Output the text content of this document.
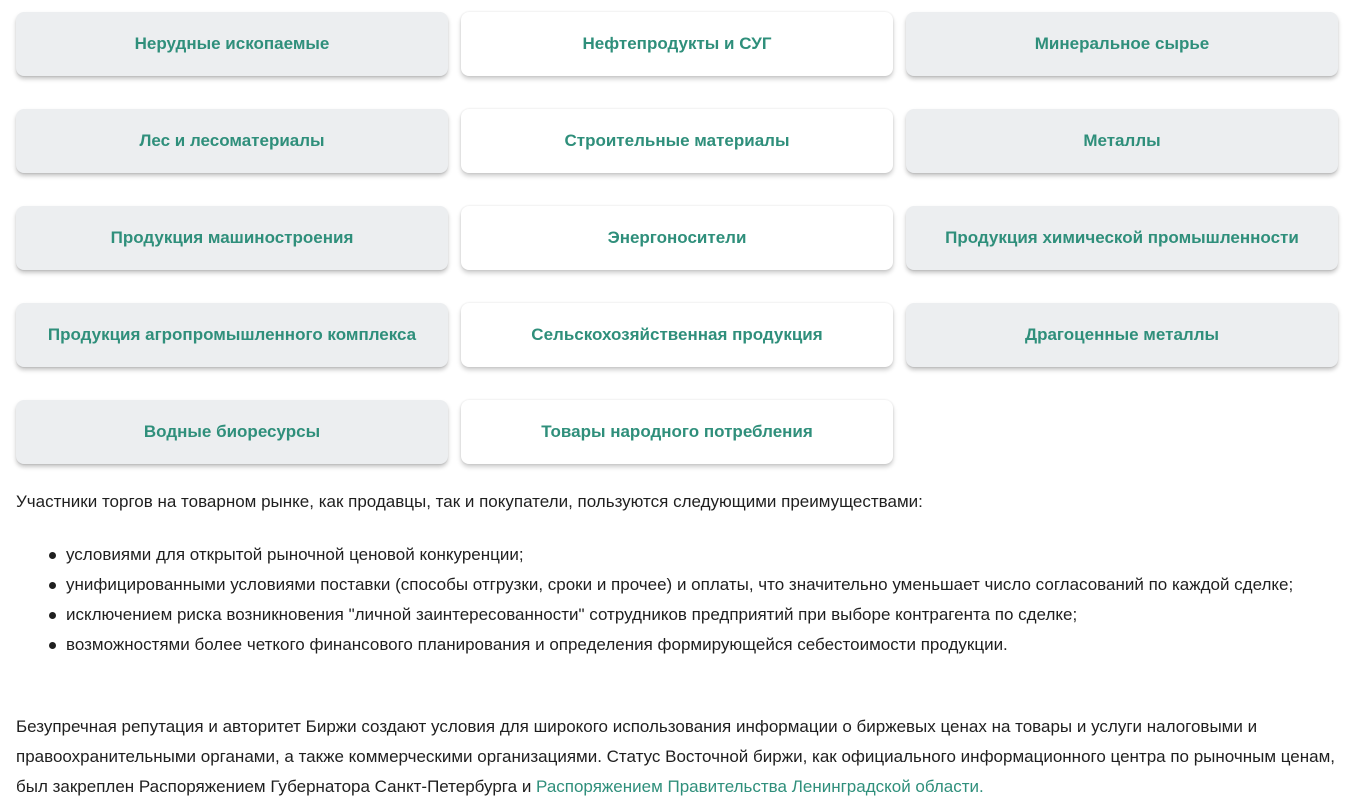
Нерудные ископаемые	Нефтепродукты и СУГ	Минеральное сырье
Лес и лесоматериалы	Строительные материалы	Металлы
Продукция машиностроения	Энергоносители	Продукция химической промышленности
Продукция агропромышленного комплекса	Сельскохозяйственная продукция	Драгоценные металлы
Водные биоресурсы	Товары народного потребления

Участники торгов на товарном рынке, как продавцы, так и покупатели, пользуются следующими преимуществами:

условиями для открытой рыночной ценовой конкуренции;
унифицированными условиями поставки (способы отгрузки, сроки и прочее) и оплаты, что значительно уменьшает число согласований по каждой сделке;
исключением риска возникновения "личной заинтересованности" сотрудников предприятий при выборе контрагента по сделке;
возможностями более четкого финансового планирования и определения формирующейся себестоимости продукции.

Безупречная репутация и авторитет Биржи создают условия для широкого использования информации о биржевых ценах на товары и услуги налоговыми и правоохранительными органами, а также коммерческими организациями. Статус Восточной биржи, как официального информационного центра по рыночным ценам, был закреплен Распоряжением Губернатора Санкт-Петербурга и Распоряжением Правительства Ленинградской области.
